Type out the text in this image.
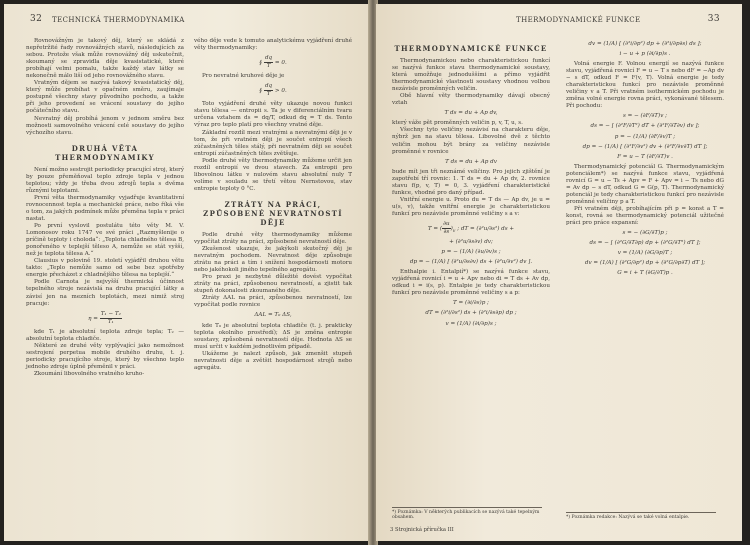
32 TECHNICKÁ THERMODYNAMIKA

Rovnovážným je takový děj, který se skládá z nepřetržité řady rovnovážných stavů, následujících za sebou. Protože však může rovnovážný děj uskutečnit, skoumaný se zpravidla děje kvasistatické, které probíhají velmi pomalu, takže každý stav látky se nekonečně málo liší od jeho rovnovážného stavu.

Vratným dějem se nazývá takový kvasistatický děj, který může probíhat v opačném směru, zaujímaje postupně všechny stavy původního pochodu, a takže při jeho provedení se vrácení soustavy do jejího počátečního stavu.

Nevratný děj probíhá jenom v jednom směru bez možnosti samovolného vrácení celé soustavy do jejího výchozího stavu.

DRUHÁ VĚTA THERMODYNAMIKY

Není možno sestrojit periodicky pracující stroj, který by pouze přeměňoval teplo zdroje tepla v jednou teplotou; vždy je třeba dvou zdrojů tepla s dvěma různými teplotami.

První věta thermodynamiky vyjadřuje kvantitativní rovnocennost tepla a mechanické práce, nebo říká vše o tom, za jakých podmínek může přeměna tepla v práci nastat.

Po první vyslovil postulátu této věty M. V. Lomonosov roku 1747 ve své práci „Razmyšlenije o príčině teploty i choloda“: „Teplota chladného tělesa B, ponořeného v teplejší těleso A, nemůže se stát vyšší, než je teplota tělesa A.“

Clausius v polovině 19. století vyjádřil druhou větu takto: „Teplo nemůže samo od sebe bez spotřeby energie přecházet z chladnějšího tělesa na teplejší.“

Podle Carnota je nejvyšší thermická účinnost tepelného stroje nezávislá na druhu pracující látky a závisí jen na mezních teplotách, mezi nimiž stroj pracuje:

$\eta = \frac{\text{T₁ − T₂}}{\text{T₁}}$

kde T₁ je absolutní teplota zdroje tepla; T₂ — absolutní teplota chladiče.

Některé ze druhé věty vyplývající jako nemožnost sestrojení perpetua mobile druhého druhu, t. j. periodicky pracujícího stroje, který by všechno teplo jednoho zdroje úplně přeměnil v práci.

Zkoumání libovolného vratného kruho-

vého děje vede k tomuto analytickému vyjádření druhé věty thermodynamiky:

∮ $\frac{dq}{T} = 0$.

Pro nevratné kruhové děje je

∮ $\frac{dq}{T} > 0$.

Toto vyjádření druhé věty ukazuje novou funkci stavu tělesa — entropii s. Ta je v diferenciálním tvaru určena vztahem ds = dq/T, odkud dq = T ds. Tento výraz pro teplo platí pro všechny vratné děje.

Základní rozdíl mezi vratnými a nevratnými ději je v tom, že při vratném ději je součet entropií všech zúčastněných těles stálý, při nevratném ději se součet entropií zúčastněných těles zvětšuje.

Podle druhé věty thermodynamiky můžeme určit jen rozdíl entropií ve dvou stavech. Za entropii pro libovolnou látku v nulovém stavu absolutní nuly T volíme v souladu se třetí větou Nernstovou, stav entropie teploty 0 °C.

ZTRÁTY NA PRÁCI, ZPŮSOBENÉ NEVRATNOSTÍ DĚJE

Podle druhé věty thermodynamiky můžeme vypočítat ztráty na práci, způsobené nevratností děje.

Zkušenost ukazuje, že jakýkoli skutečný děj je nevratným pochodem. Nevratnost děje způsobuje ztrátu na práci a tím i snížení hospodárnosti motoru nebo jakéhokoli jiného tepelného agregátu.

Pro praxi je nezbytné důležité dovést vypočítat ztráty na práci, způsobenou nevratností, a zjistit tak stupeň dokonalosti zkoumaného děje.

Ztráty ΔAL na práci, způsobenou nevratností, lze vypočítat podle rovnice

ΔAL = T₀ ΔS,

kde T₀ je absolutní teplota chladiče (t. j. prakticky teplota okolního prostředí); ΔS je změna entropie soustavy, způsobená nevratností děje. Hodnota ΔS se musí určit v každém jednotlivém případě.

Ukážeme je nalezt způsob, jak zmenšit stupeň nevratnosti děje a zvětšit hospodárnost strojů nebo agregátu.

THERMODYNAMICKÉ FUNKCE	33
THERMODYNAMICKÉ FUNKCE

Thermodynamickou nebo charakteristickou funkcí se nazývá funkce stavu thermodynamické soustavy, která umožňuje jednoduššími a přímo vyjádřit thermodynamické vlastnosti soustavy vhodnou volbou nezávisle proměnných veličin.

Obě hlavní věty thermodynamiky dávají obecný vztah

T ds = du + Ap dv,

který váže pět proměnných veličin p, v, T, u, s.

Všechny tyto veličiny nezávisí na charakteru děje, nýbrž jen na stavu tělesa. Libovolné dvě z těchto veličin mohou být brány za veličiny nezávisle proměnné v rovnice

T ds = du + Ap dv

bude mít jen tři neznámé veličiny. Pro jejich zjištění je zapotřebí tří rovnic: 1. T ds = du + Ap dv, 2. rovnice stavu f(p, v, T) = 0, 3. vyjádření charakteristické funkce, vhodné pro daný případ.

Vnitřní energie u. Proto du = T ds — Ap dv, je u = u(s, v), takže vnitřní energie je charakteristickou funkcí pro nezávisle proměnné veličiny s a v:

T = ( $\frac{\partial u}{\partial s} )_v$ ; dT = (∂²u/∂s²) ds +
+ (∂²u/∂s∂v) dv;
p = − (1/A) (∂u/∂v)s ;
dp = − (1/A) [ (∂²u/∂s∂v) ds + (∂²u/∂v²) dv ].

Enthalpie i. Entalpií*) se nazývá funkce stavu, vyjádřená rovnicí i = u + Apv nebo di = T ds + Av dp, odkud i = i(s, p). Entalpie je tedy charakteristickou funkcí pro nezávisle proměnné veličiny s a p:

T = (∂i/∂s)p ;
dT = (∂²i/∂s²) ds + (∂²i/∂s∂p) dp ;
v = (1/A) (∂i/∂p)s ;
*) Poznámka: V některých publikacích se nazývá také tepelným obsahem.
dv = (1/A) [ (∂²i/∂p²) dp + (∂²i/∂p∂s) ds ];
i − u + p (∂i/∂p)s .

Volná energie F. Volnou energií se nazývá funkce stavu, vyjádřená rovnicí F = u − T s nebo dF = −Ap dv − s dT, odkud F = F(v, T). Volná energie je tedy charakteristickou funkcí pro nezávisle proměnné veličiny v a T. Při vratném isothermickém pochodu je změna volné energie rovna práci, vykonávané tělesem. Při pochodu:

s = − (∂F/∂T)v ;
ds = − [ (∂²F/∂T²) dT + (∂²F/∂T∂v) dv ];
p = − (1/A) (∂F/∂v)T ;
dp = − (1/A) [ (∂²F/∂v²) dv + (∂²F/∂v∂T) dT ];
F = u − T (∂F/∂T)v .

Thermodynamický potenciál G. Thermodynamickým potenciálem*) se nazývá funkce stavu, vyjádřená rovnicí G = u − Ts + Apv = F + Apv = i − Ts nebo dG = Av dp − s dT, odkud G = G(p, T). Thermodynamický potenciál je tedy charakteristickou funkcí pro nezávisle proměnné veličiny p a T.

Při vratném ději, probíhajícím při p = konst a T = konst, rovná se thermodynamický potenciál užitečné práci pro práce expansní:

s = − (∂G/∂T)p ;
ds = − [ (∂²G/∂T∂p) dp + (∂²G/∂T²) dT ];
v = (1/A) (∂G/∂p)T ;
dv = (1/A) [ (∂²G/∂p²) dp + (∂²G/∂p∂T) dT ];
G = i + T (∂G/∂T)p .
*) Poznámka redakce: Nazývá se také volná entalpie.
3 Strojnická příručka III
